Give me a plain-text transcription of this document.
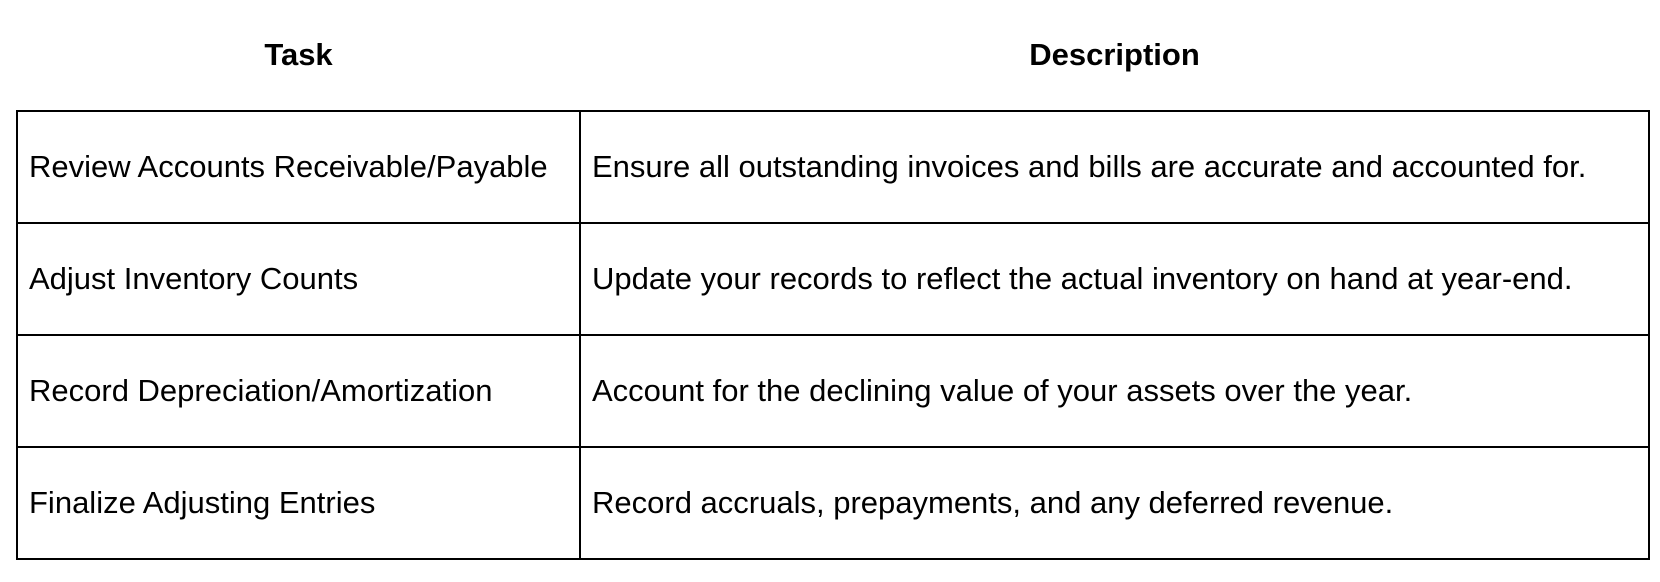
Task	Description
Review Accounts Receivable/Payable	Ensure all outstanding invoices and bills are accurate and accounted for.
Adjust Inventory Counts	Update your records to reflect the actual inventory on hand at year-end.
Record Depreciation/Amortization	Account for the declining value of your assets over the year.
Finalize Adjusting Entries	Record accruals, prepayments, and any deferred revenue.
